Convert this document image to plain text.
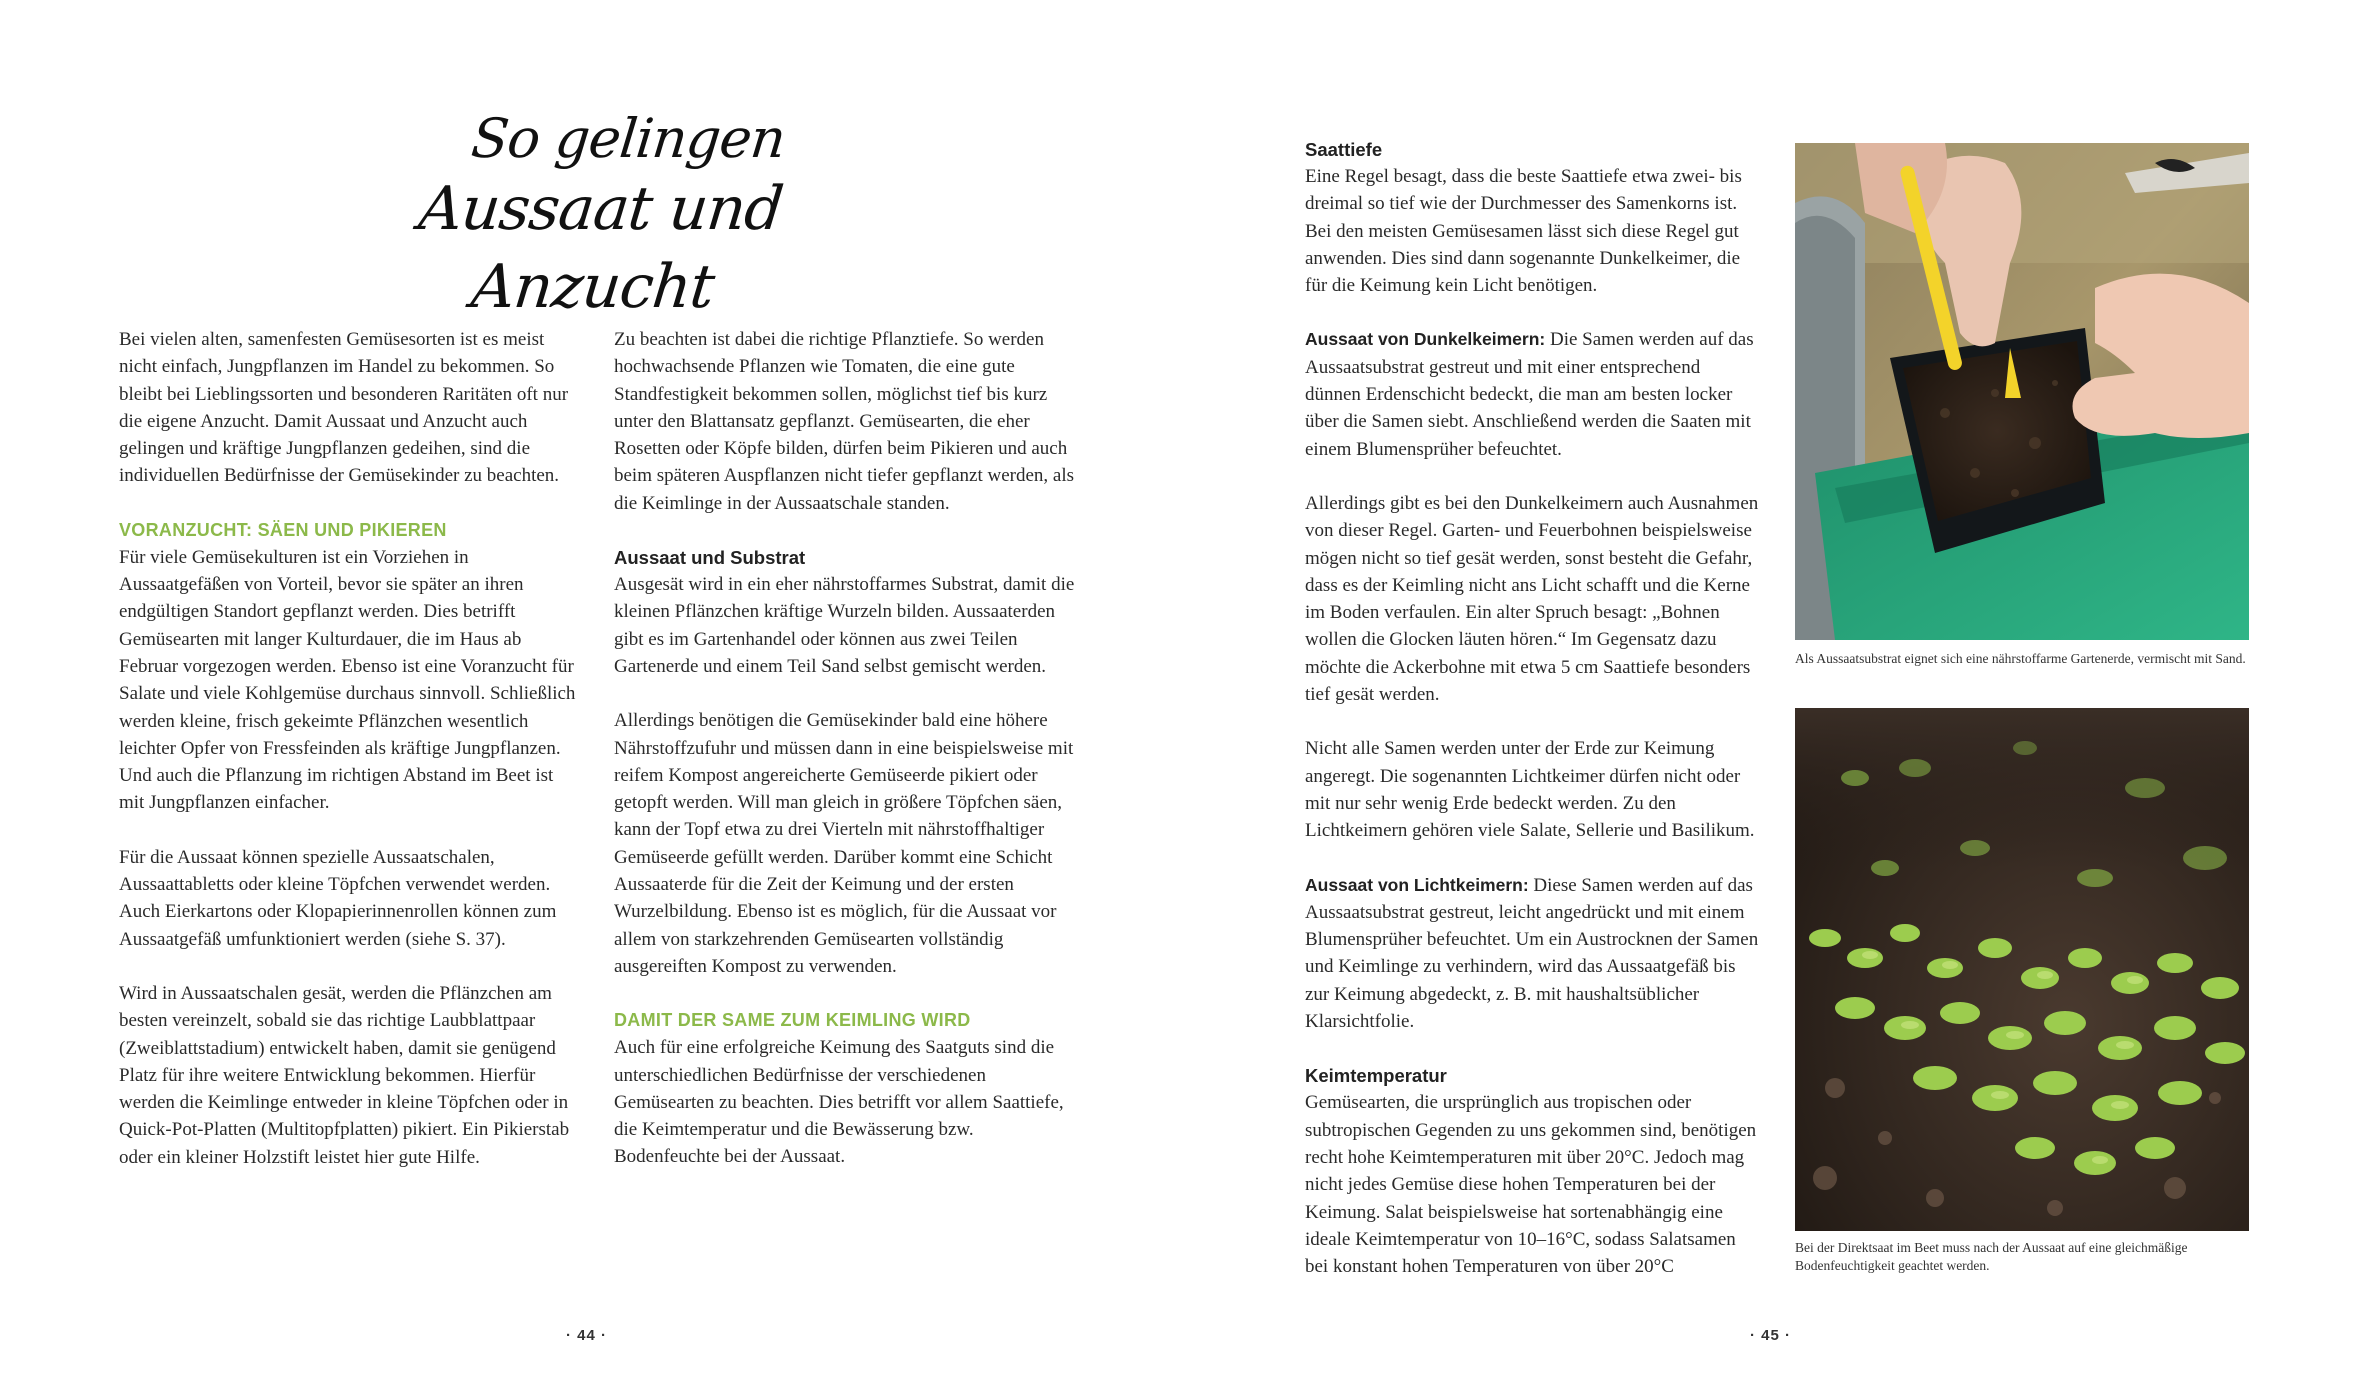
So gelingen
Aussaat und Anzucht

Bei vielen alten, samenfesten Gemüsesorten ist es meist nicht einfach, Jungpflanzen im Handel zu bekommen. So bleibt bei Lieblingssorten und besonderen Raritäten oft nur die eigene Anzucht. Damit Aussaat und Anzucht auch gelingen und kräftige Jungpflanzen gedeihen, sind die individuellen Bedürfnisse der Gemüsekinder zu beachten.

VORANZUCHT: SÄEN UND PIKIEREN

Für viele Gemüsekulturen ist ein Vorziehen in Aussaatgefäßen von Vorteil, bevor sie später an ihren endgültigen Standort gepflanzt werden. Dies betrifft Gemüsearten mit langer Kulturdauer, die im Haus ab Februar vorgezogen werden. Ebenso ist eine Voranzucht für Salate und viele Kohlgemüse durchaus sinnvoll. Schließlich werden kleine, frisch gekeimte Pflänzchen wesentlich leichter Opfer von Fressfeinden als kräftige Jungpflanzen. Und auch die Pflanzung im richtigen Abstand im Beet ist mit Jungpflanzen einfacher.

Für die Aussaat können spezielle Aussaatschalen, Aussaattabletts oder kleine Töpfchen verwendet werden. Auch Eierkartons oder Klopapierinnenrollen können zum Aussaatgefäß umfunktioniert werden (siehe S. 37).

Wird in Aussaatschalen gesät, werden die Pflänzchen am besten vereinzelt, sobald sie das richtige Laubblattpaar (Zweiblattstadium) entwickelt haben, damit sie genügend Platz für ihre weitere Entwicklung bekommen. Hierfür werden die Keimlinge entweder in kleine Töpfchen oder in Quick-Pot-Platten (Multitopfplatten) pikiert. Ein Pikierstab oder ein kleiner Holzstift leistet hier gute Hilfe.

Zu beachten ist dabei die richtige Pflanztiefe. So werden hochwachsende Pflanzen wie Tomaten, die eine gute Standfestigkeit bekommen sollen, möglichst tief bis kurz unter den Blattansatz gepflanzt. Gemüsearten, die eher Rosetten oder Köpfe bilden, dürfen beim Pikieren und auch beim späteren Auspflanzen nicht tiefer gepflanzt werden, als die Keimlinge in der Aussaatschale standen.

Aussaat und Substrat

Ausgesät wird in ein eher nährstoffarmes Substrat, damit die kleinen Pflänzchen kräftige Wurzeln bilden. Aussaaterden gibt es im Gartenhandel oder können aus zwei Teilen Gartenerde und einem Teil Sand selbst gemischt werden.

Allerdings benötigen die Gemüsekinder bald eine höhere Nährstoffzufuhr und müssen dann in eine beispielsweise mit reifem Kompost angereicherte Gemüseerde pikiert oder getopft werden. Will man gleich in größere Töpfchen säen, kann der Topf etwa zu drei Vierteln mit nährstoffhaltiger Gemüseerde gefüllt werden. Darüber kommt eine Schicht Aussaaterde für die Zeit der Keimung und der ersten Wurzelbildung. Ebenso ist es möglich, für die Aussaat vor allem von starkzehrenden Gemüsearten vollständig ausgereiften Kompost zu verwenden.

DAMIT DER SAME ZUM KEIMLING WIRD

Auch für eine erfolgreiche Keimung des Saatguts sind die unterschiedlichen Bedürfnisse der verschiedenen Gemüsearten zu beachten. Dies betrifft vor allem Saattiefe, die Keimtemperatur und die Bewässerung bzw. Bodenfeuchte bei der Aussaat.

· 44 ·
Saattiefe

Eine Regel besagt, dass die beste Saattiefe etwa zwei- bis dreimal so tief wie der Durchmesser des Samenkorns ist. Bei den meisten Gemüsesamen lässt sich diese Regel gut anwenden. Dies sind dann sogenannte Dunkelkeimer, die für die Keimung kein Licht benötigen.

Aussaat von Dunkelkeimern: Die Samen werden auf das Aussaatsubstrat gestreut und mit einer entsprechend dünnen Erdenschicht bedeckt, die man am besten locker über die Samen siebt. Anschließend werden die Saaten mit einem Blumensprüher befeuchtet.

Allerdings gibt es bei den Dunkelkeimern auch Ausnahmen von dieser Regel. Garten- und Feuerbohnen beispielsweise mögen nicht so tief gesät werden, sonst besteht die Gefahr, dass es der Keimling nicht ans Licht schafft und die Kerne im Boden verfaulen. Ein alter Spruch besagt: „Bohnen wollen die Glocken läuten hören.“ Im Gegensatz dazu möchte die Ackerbohne mit etwa 5 cm Saattiefe besonders tief gesät werden.

Nicht alle Samen werden unter der Erde zur Keimung angeregt. Die sogenannten Lichtkeimer dürfen nicht oder mit nur sehr wenig Erde bedeckt werden. Zu den Lichtkeimern gehören viele Salate, Sellerie und Basilikum.

Aussaat von Lichtkeimern: Diese Samen werden auf das Aussaatsubstrat gestreut, leicht angedrückt und mit einem Blumensprüher befeuchtet. Um ein Austrocknen der Samen und Keimlinge zu verhindern, wird das Aussaatgefäß bis zur Keimung abgedeckt, z. B. mit haushaltsüblicher Klarsichtfolie.

Keimtemperatur

Gemüsearten, die ursprünglich aus tropischen oder subtropischen Gegenden zu uns gekommen sind, benötigen recht hohe Keimtemperaturen mit über 20°C. Jedoch mag nicht jedes Gemüse diese hohen Temperaturen bei der Keimung. Salat beispielsweise hat sortenabhängig eine ideale Keimtemperatur von 10–16°C, sodass Salatsamen bei konstant hohen Temperaturen von über 20°C

Als Aussaatsubstrat eignet sich eine nährstoffarme Gartenerde, vermischt mit Sand.
Bei der Direktsaat im Beet muss nach der Aussaat auf eine gleichmäßige Bodenfeuchtigkeit geachtet werden.
· 45 ·
